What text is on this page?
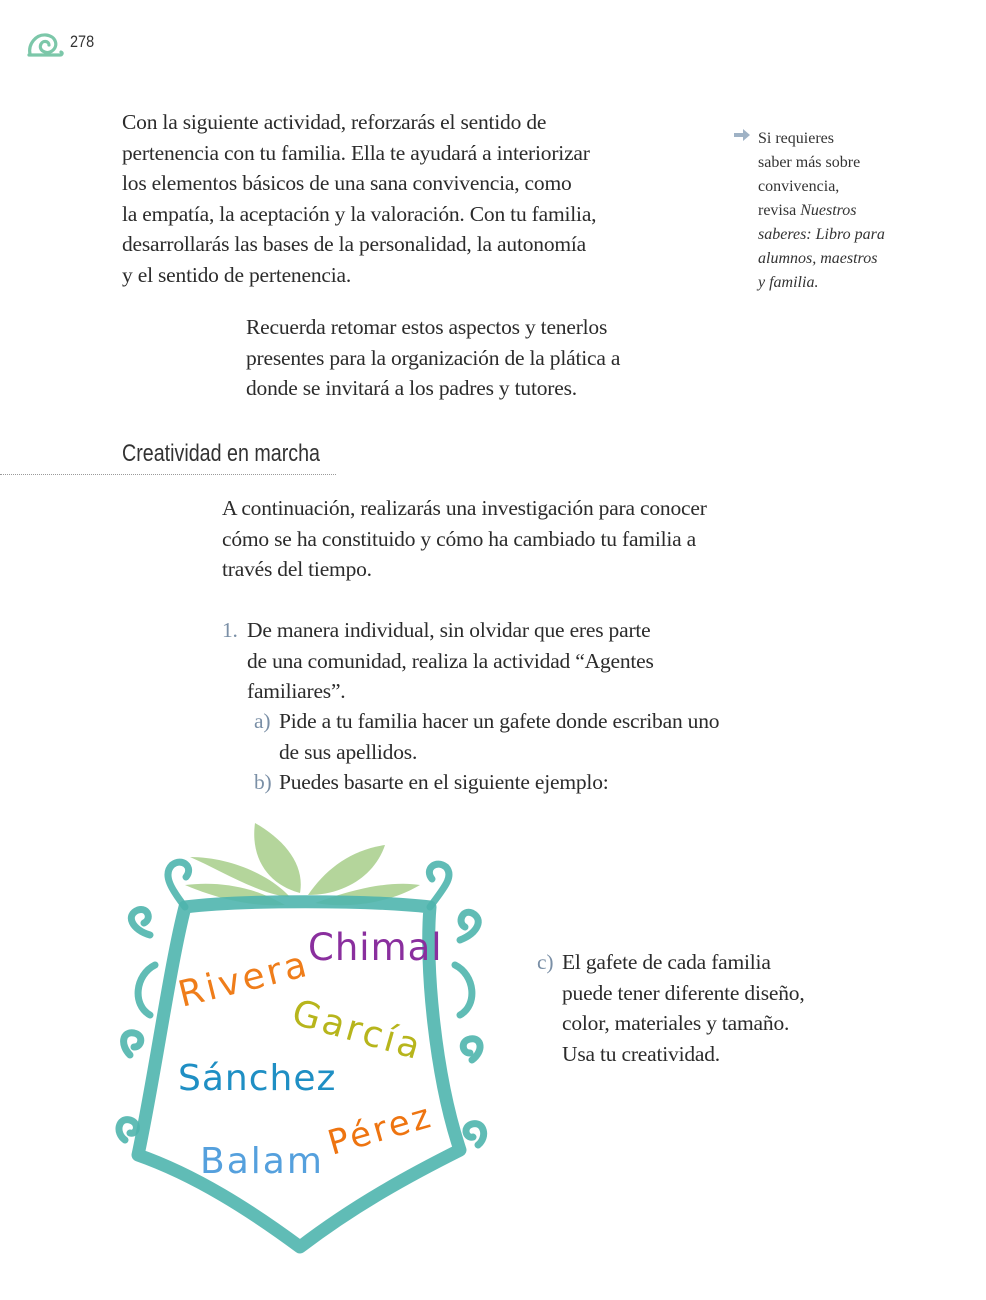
278
Con la siguiente actividad, reforzarás el sentido de
pertenencia con tu familia. Ella te ayudará a interiorizar
los elementos básicos de una sana convivencia, como
la empatía, la aceptación y la valoración. Con tu familia,
desarrollarás las bases de la personalidad, la autonomía
y el sentido de pertenencia.
Si requieres
saber más sobre
convivencia,
revisa Nuestros
saberes: Libro para
alumnos, maestros
y familia.
Recuerda retomar estos aspectos y tenerlos
presentes para la organización de la plática a
donde se invitará a los padres y tutores.
Creatividad en marcha
A continuación, realizarás una investigación para conocer
cómo se ha constituido y cómo ha cambiado tu familia a
través del tiempo.
1. De manera individual, sin olvidar que eres parte
de una comunidad, realiza la actividad “Agentes
familiares”.
a) Pide a tu familia hacer un gafete donde escriban uno
de sus apellidos.
b) Puedes basarte en el siguiente ejemplo:
c) El gafete de cada familia
puede tener diferente diseño,
color, materiales y tamaño.
Usa tu creatividad.
Rivera
Chimal
García
Sánchez
Pérez
Balam
